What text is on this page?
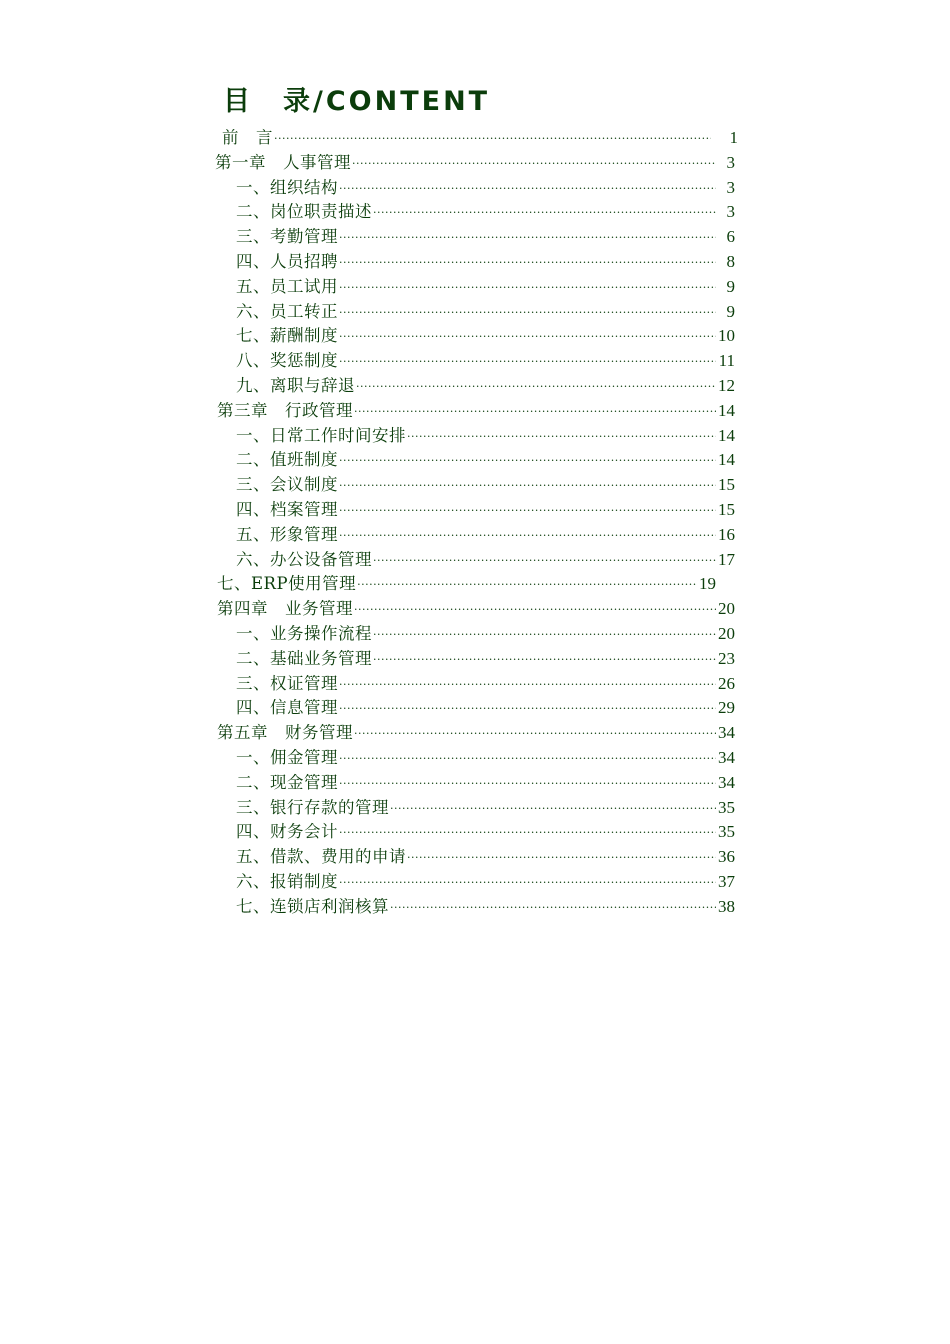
目　录/CONTENT
前　言 ·····	1
第一章　人事管理 ·····	3
一、组织结构 ·····	3
二、岗位职责描述 ·····	3
三、考勤管理 ·····	6
四、人员招聘 ·····	8
五、员工试用 ·····	9
六、员工转正 ·····	9
七、薪酬制度 ·····	10
八、奖惩制度 ·····	11
九、离职与辞退 ·····	12
第三章　行政管理 ·····	14
一、日常工作时间安排 ·····	14
二、值班制度 ·····	14
三、会议制度 ·····	15
四、档案管理 ·····	15
五、形象管理 ·····	16
六、办公设备管理 ·····	17
七、ERP使用管理 ·····	19
第四章　业务管理 ·····	20
一、业务操作流程 ·····	20
二、基础业务管理 ·····	23
三、权证管理 ·····	26
四、信息管理 ·····	29
第五章　财务管理 ·····	34
一、佣金管理 ·····	34
二、现金管理 ·····	34
三、银行存款的管理 ·····	35
四、财务会计 ·····	35
五、借款、费用的申请 ·····	36
六、报销制度 ·····	37
七、连锁店利润核算 ·····	38
